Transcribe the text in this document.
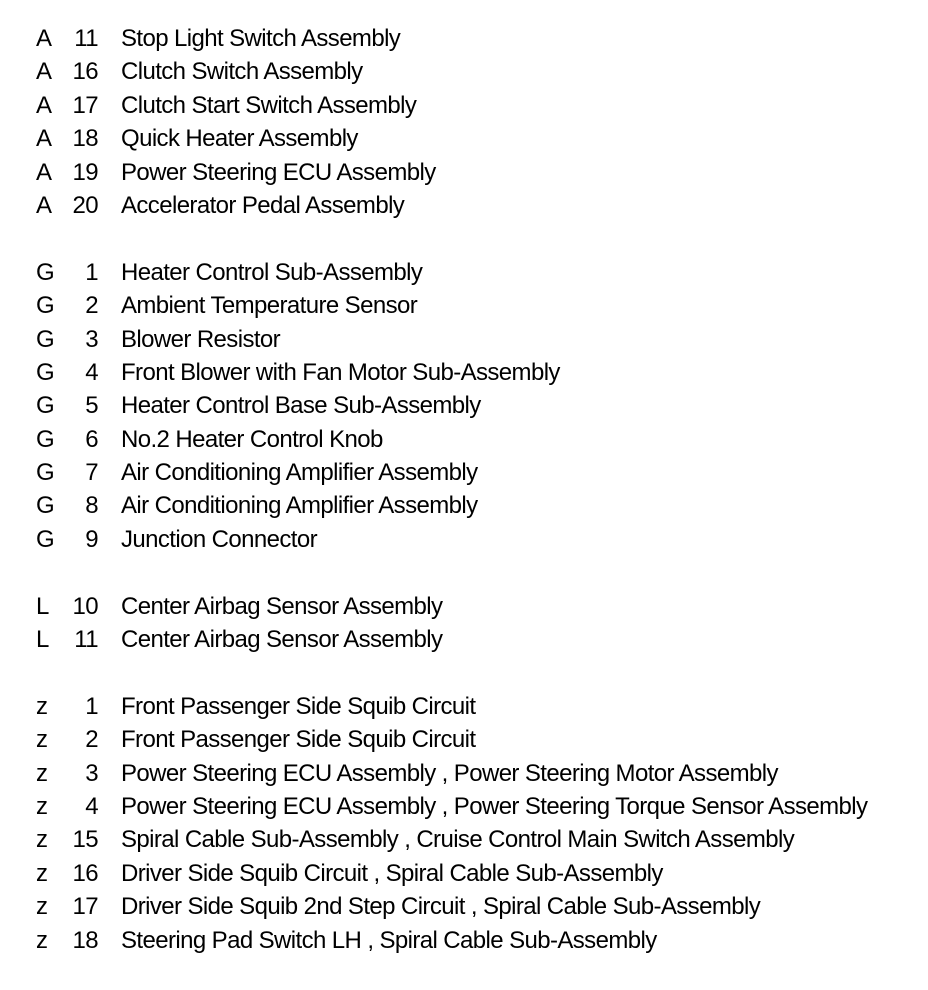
A 11 Stop Light Switch Assembly
A 16 Clutch Switch Assembly
A 17 Clutch Start Switch Assembly
A 18 Quick Heater Assembly
A 19 Power Steering ECU Assembly
A 20 Accelerator Pedal Assembly
G	1 Heater Control Sub-Assembly
G	2 Ambient Temperature Sensor
G	3 Blower Resistor
G	4 Front Blower with Fan Motor Sub-Assembly
G	5 Heater Control Base Sub-Assembly
G	6 No.2 Heater Control Knob
G	7 Air Conditioning Amplifier Assembly
G	8 Air Conditioning Amplifier Assembly
G	9 Junction Connector
L 10 Center Airbag Sensor Assembly
L	11 Center Airbag Sensor Assembly
z	1 Front Passenger Side Squib Circuit
z	2 Front Passenger Side Squib Circuit
z	3 Power Steering ECU Assembly , Power Steering Motor Assembly
z	4 Power Steering ECU Assembly , Power Steering Torque Sensor Assembly
z	15 Spiral Cable Sub-Assembly , Cruise Control Main Switch Assembly
z	16 Driver Side Squib Circuit , Spiral Cable Sub-Assembly
z	17 Driver Side Squib 2nd Step Circuit , Spiral Cable Sub-Assembly
z	18 Steering Pad Switch LH , Spiral Cable Sub-Assembly
